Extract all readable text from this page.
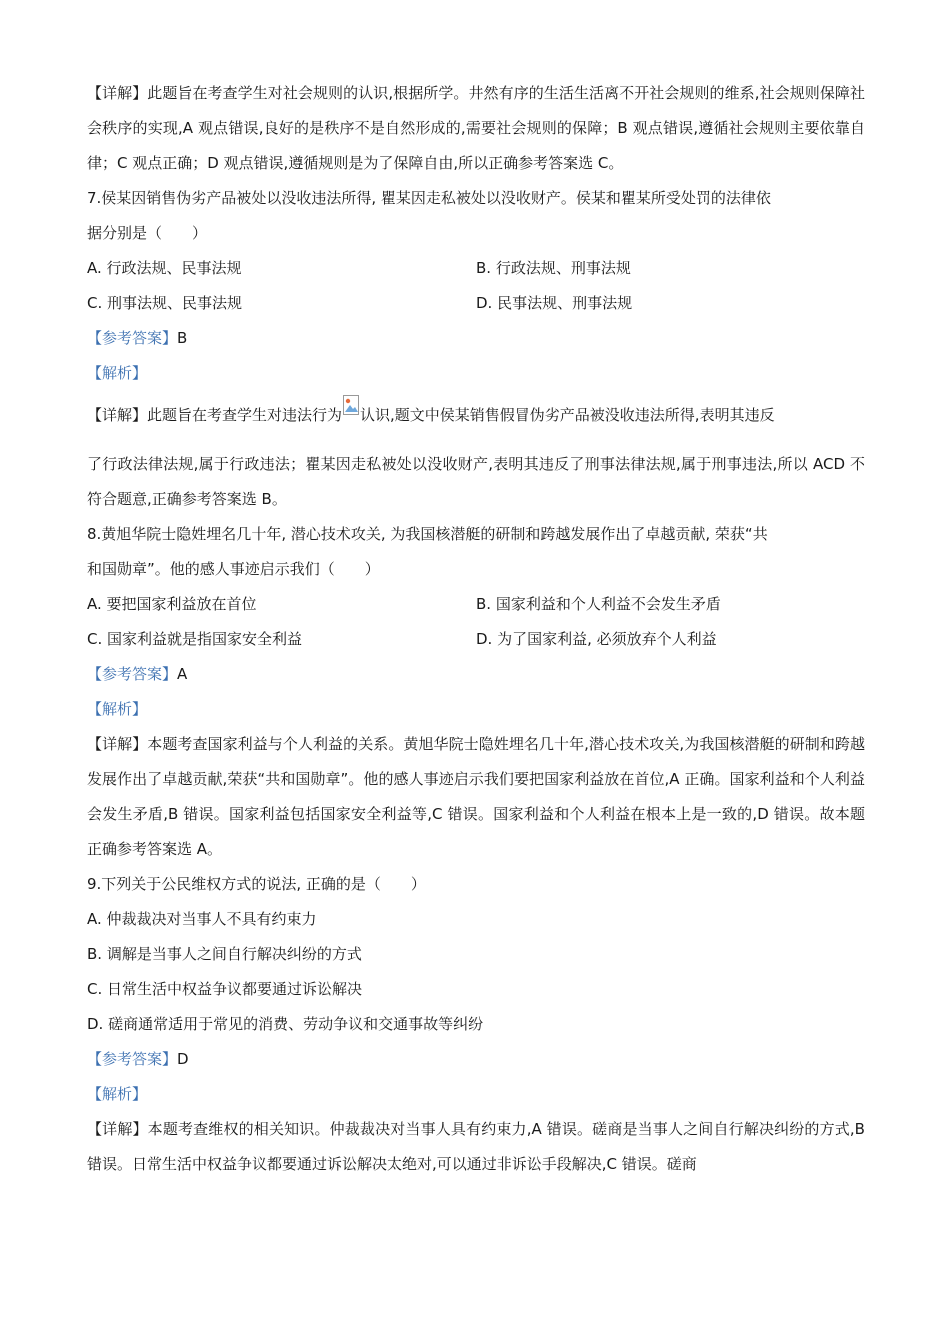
【详解】此题旨在考查学生对社会规则的认识,根据所学。井然有序的生活生活离不开社会规则的维系,社会规则保障社会秩序的实现,A 观点错误,良好的是秩序不是自然形成的,需要社会规则的保障；B 观点错误,遵循社会规则主要依靠自律；C 观点正确；D 观点错误,遵循规则是为了保障自由,所以正确参考答案选 C。

7.侯某因销售伪劣产品被处以没收违法所得, 瞿某因走私被处以没收财产。侯某和瞿某所受处罚的法律依
据分别是（　　）
A. 行政法规、民事法规	B. 行政法规、刑事法规
C. 刑事法规、民事法规	D. 民事法规、刑事法规
【参考答案】B
【解析】
【详解】此题旨在考查学生对违法行为 认识,题文中侯某销售假冒伪劣产品被没收违法所得,表明其违反

了行政法律法规,属于行政违法；瞿某因走私被处以没收财产,表明其违反了刑事法律法规,属于刑事违法,所以 ACD 不符合题意,正确参考答案选 B。

8.黄旭华院士隐姓埋名几十年, 潜心技术攻关, 为我国核潜艇的研制和跨越发展作出了卓越贡献, 荣获“共
和国勋章”。他的感人事迹启示我们（　　）
A. 要把国家利益放在首位	B. 国家利益和个人利益不会发生矛盾
C. 国家利益就是指国家安全利益	D. 为了国家利益, 必须放弃个人利益
【参考答案】A
【解析】

【详解】本题考查国家利益与个人利益的关系。黄旭华院士隐姓埋名几十年,潜心技术攻关,为我国核潜艇的研制和跨越发展作出了卓越贡献,荣获“共和国勋章”。他的感人事迹启示我们要把国家利益放在首位,A 正确。国家利益和个人利益会发生矛盾,B 错误。国家利益包括国家安全利益等,C 错误。国家利益和个人利益在根本上是一致的,D 错误。故本题正确参考答案选 A。

9.下列关于公民维权方式的说法, 正确的是（　　）
A. 仲裁裁决对当事人不具有约束力
B. 调解是当事人之间自行解决纠纷的方式
C. 日常生活中权益争议都要通过诉讼解决
D. 磋商通常适用于常见的消费、劳动争议和交通事故等纠纷
【参考答案】D
【解析】

【详解】本题考查维权的相关知识。仲裁裁决对当事人具有约束力,A 错误。磋商是当事人之间自行解决纠纷的方式,B 错误。日常生活中权益争议都要通过诉讼解决太绝对,可以通过非诉讼手段解决,C 错误。磋商
